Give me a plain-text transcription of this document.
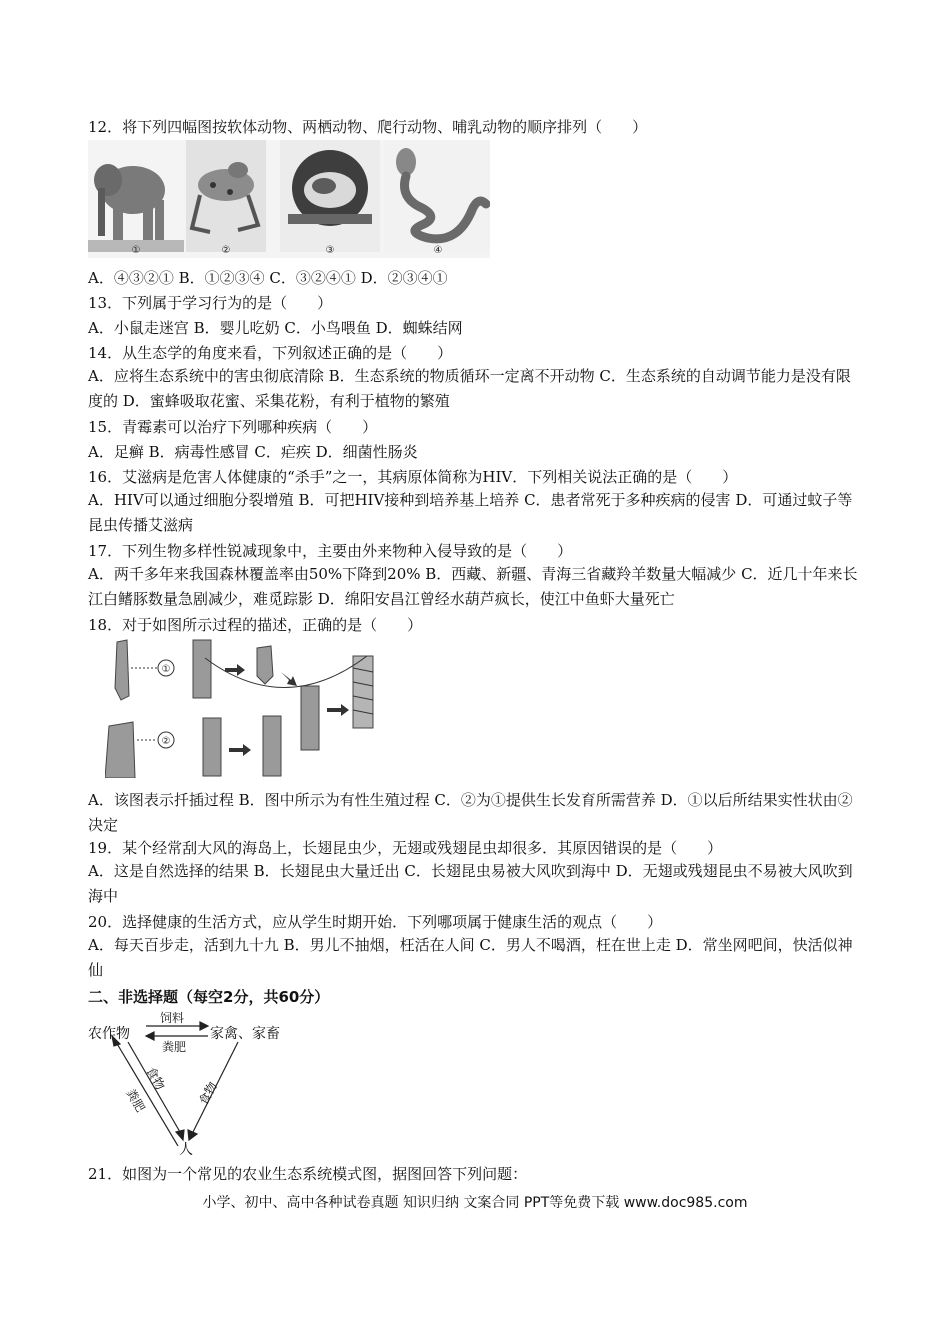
12．将下列四幅图按软体动物、两栖动物、爬行动物、哺乳动物的顺序排列（　　）
①	②	③	④
A．④③②① B．①②③④ C．③②④① D．②③④①
13．下列属于学习行为的是（　　）
A．小鼠走迷宫 B．婴儿吃奶 C．小鸟喂鱼 D．蜘蛛结网
14．从生态学的角度来看，下列叙述正确的是（　　）
A．应将生态系统中的害虫彻底清除 B．生态系统的物质循环一定离不开动物 C．生态系统的自动调节能力是没有限度的 D．蜜蜂吸取花蜜、采集花粉，有利于植物的繁殖
15．青霉素可以治疗下列哪种疾病（　　）
A．足癣 B．病毒性感冒 C．疟疾 D．细菌性肠炎
16．艾滋病是危害人体健康的“杀手”之一，其病原体简称为HIV．下列相关说法正确的是（　　）
A．HIV可以通过细胞分裂增殖 B．可把HIV接种到培养基上培养 C．患者常死于多种疾病的侵害 D．可通过蚊子等昆虫传播艾滋病
17．下列生物多样性锐减现象中，主要由外来物种入侵导致的是（　　）
A．两千多年来我国森林覆盖率由50%下降到20% B．西藏、新疆、青海三省藏羚羊数量大幅减少 C．近几十年来长江白鳍豚数量急剧减少，难觅踪影 D．绵阳安昌江曾经水葫芦疯长，使江中鱼虾大量死亡
18．对于如图所示过程的描述，正确的是（　　）
①
②
A．该图表示扦插过程 B．图中所示为有性生殖过程 C．②为①提供生长发育所需营养 D．①以后所结果实性状由②决定
19．某个经常刮大风的海岛上，长翅昆虫少，无翅或残翅昆虫却很多．其原因错误的是（　　）
A．这是自然选择的结果 B．长翅昆虫大量迁出 C．长翅昆虫易被大风吹到海中 D．无翅或残翅昆虫不易被大风吹到海中
20．选择健康的生活方式，应从学生时期开始．下列哪项属于健康生活的观点（　　）
A．每天百步走，活到九十九 B．男儿不抽烟，枉活在人间 C．男人不喝酒，枉在世上走 D．常坐网吧间，快活似神仙
二、非选择题（每空2分，共60分）
农作物	家禽、家畜
饲料
粪肥
粪肥
食物
食物
人
21．如图为一个常见的农业生态系统模式图，据图回答下列问题：
小学、初中、高中各种试卷真题 知识归纳 文案合同 PPT等免费下载 www.doc985.com
